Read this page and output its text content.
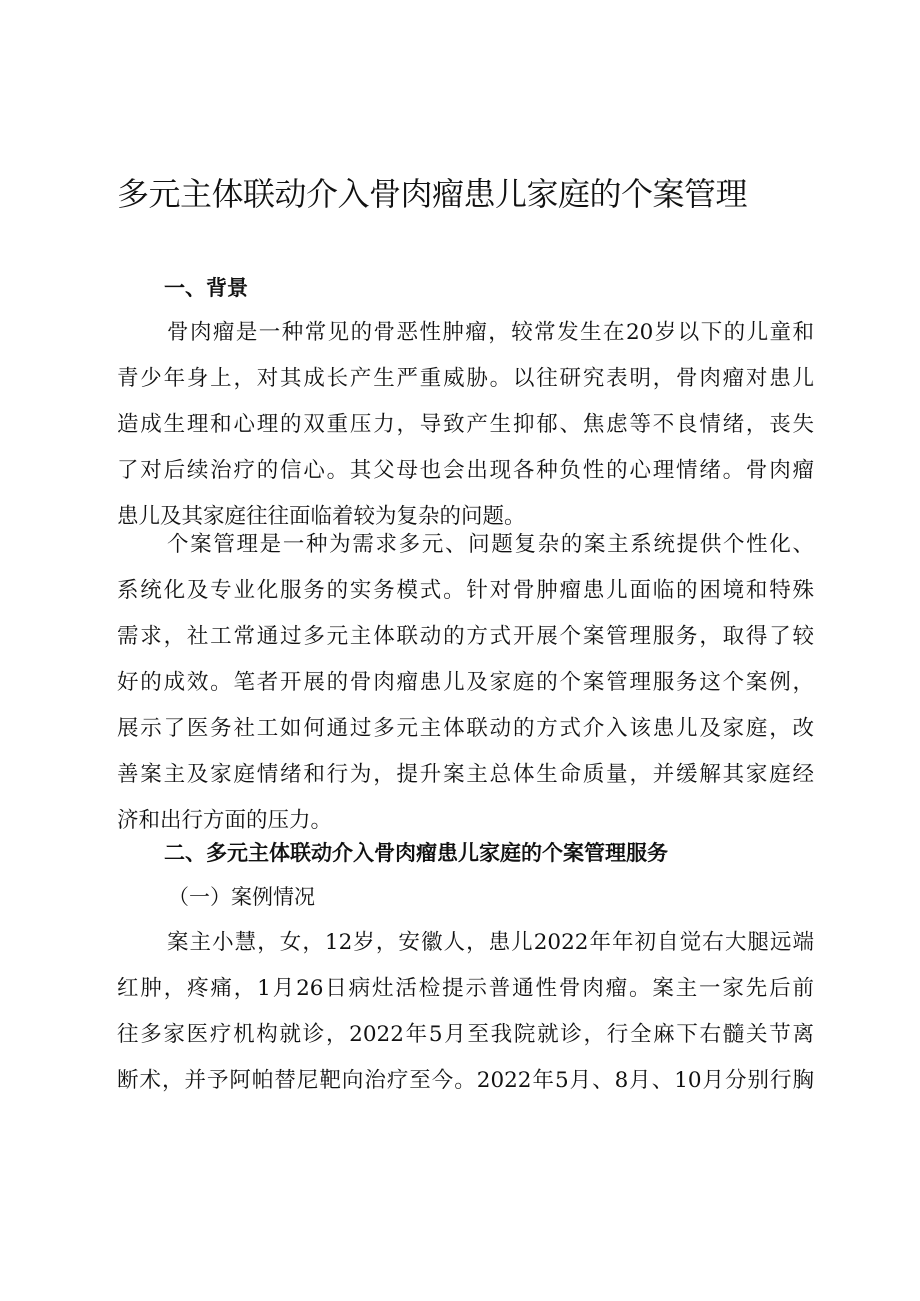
多元主体联动介入骨肉瘤患儿家庭的个案管理
一、背景
骨肉瘤是一种常见的骨恶性肿瘤，较常发生在20岁以下的儿童和
青少年身上，对其成长产生严重威胁。以往研究表明，骨肉瘤对患儿
造成生理和心理的双重压力，导致产生抑郁、焦虑等不良情绪，丧失
了对后续治疗的信心。其父母也会出现各种负性的心理情绪。骨肉瘤
患儿及其家庭往往面临着较为复杂的问题。
个案管理是一种为需求多元、问题复杂的案主系统提供个性化、
系统化及专业化服务的实务模式。针对骨肿瘤患儿面临的困境和特殊
需求，社工常通过多元主体联动的方式开展个案管理服务，取得了较
好的成效。笔者开展的骨肉瘤患儿及家庭的个案管理服务这个案例，
展示了医务社工如何通过多元主体联动的方式介入该患儿及家庭，改
善案主及家庭情绪和行为，提升案主总体生命质量，并缓解其家庭经
济和出行方面的压力。
二、多元主体联动介入骨肉瘤患儿家庭的个案管理服务
（一）案例情况
案主小慧，女，12岁，安徽人，患儿2022年年初自觉右大腿远端
红肿，疼痛，1月26日病灶活检提示普通性骨肉瘤。案主一家先后前
往多家医疗机构就诊，2022年5月至我院就诊，行全麻下右髓关节离
断术，并予阿帕替尼靶向治疗至今。2022年5月、8月、10月分别行胸
